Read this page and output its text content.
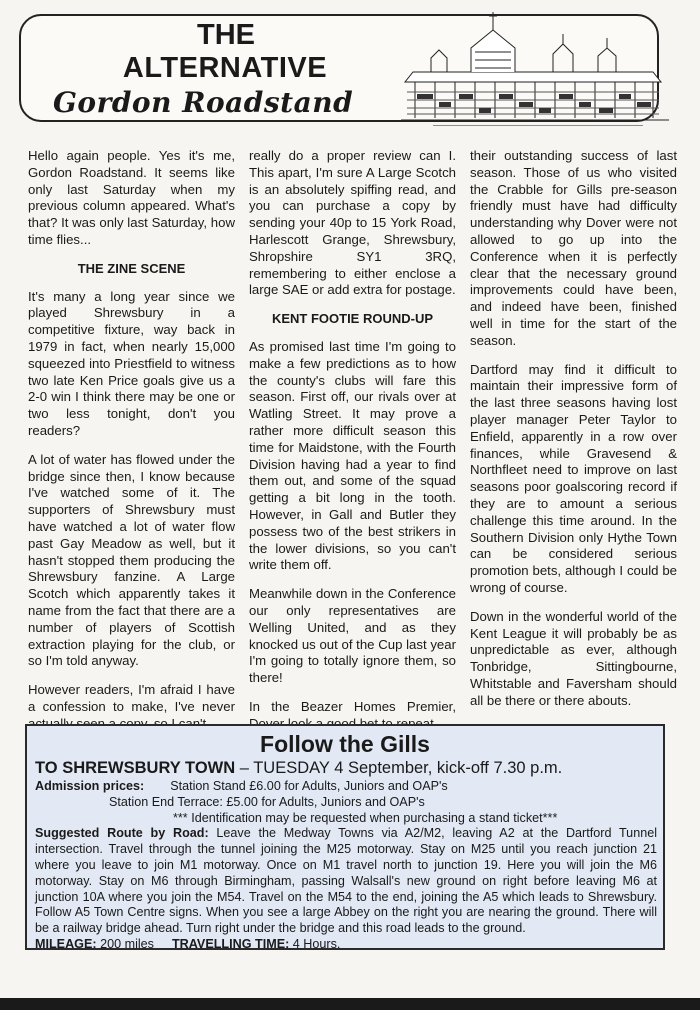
THE
ALTERNATIVE
Gordon Roadstand

Hello again people. Yes it's me, Gordon Roadstand. It seems like only last Saturday when my previous column appeared. What's that? It was only last Saturday, how time flies...

THE ZINE SCENE

It's many a long year since we played Shrewsbury in a competitive fixture, way back in 1979 in fact, when nearly 15,000 squeezed into Priestfield to witness two late Ken Price goals give us a 2-0 win I think there may be one or two less tonight, don't you readers?

A lot of water has flowed under the bridge since then, I know because I've watched some of it. The supporters of Shrewsbury must have watched a lot of water flow past Gay Meadow as well, but it hasn't stopped them producing the Shrewsbury fanzine. A Large Scotch which apparently takes it name from the fact that there are a number of players of Scottish extraction playing for the club, or so I'm told anyway.

However readers, I'm afraid I have a confession to make, I've never

really do a proper review can I. This apart, I'm sure A Large Scotch is an absolutely spiffing read, and you can purchase a copy by sending your 40p to 15 York Road, Harlescott Grange, Shrewsbury, Shropshire SY1 3RQ, remembering to either enclose a large SAE or add extra for postage.

KENT FOOTIE ROUND-UP

As promised last time I'm going to make a few predictions as to how the county's clubs will fare this season. First off, our rivals over at Watling Street. It may prove a rather more difficult season this time for Maidstone, with the Fourth Division having had a year to find them out, and some of the squad getting a bit long in the tooth. However, in Gall and Butler they possess two of the best strikers in the lower divisions, so you can't write them off.

Meanwhile down in the Conference our only representatives are Welling United, and as they knocked us out of the Cup last year I'm going to totally ignore them, so there!

In the Beazer Homes Premier,

their outstanding success of last season. Those of us who visited the Crabble for Gills pre-season friendly must have had difficulty understanding why Dover were not allowed to go up into the Conference when it is perfectly clear that the necessary ground improvements could have been, and indeed have been, finished well in time for the start of the season.

Dartford may find it difficult to maintain their impressive form of the last three seasons having lost player manager Peter Taylor to Enfield, apparently in a row over finances, while Gravesend & Northfleet need to improve on last seasons poor goalscoring record if they are to amount a serious challenge this time around. In the Southern Division only Hythe Town can be considered serious promotion bets, although I could be wrong of course.

Down in the wonderful world of the Kent League it will probably be as unpredictable as ever, although Tonbridge, Sittingbourne, Whitstable and Faversham should all be there or there abouts.

Follow the Gills
TO SHREWSBURY TOWN – TUESDAY 4 September, kick-off 7.30 p.m.
Admission prices: Station Stand £6.00 for Adults, Juniors and OAP's
Station End Terrace: £5.00 for Adults, Juniors and OAP's
*** Identification may be requested when purchasing a stand ticket***
Suggested Route by Road: Leave the Medway Towns via A2/M2, leaving A2 at the Dartford Tunnel intersection. Travel through the tunnel joining the M25 motorway. Stay on M25 until you reach junction 21 where you leave to join M1 motorway. Once on M1 travel north to junction 19. Here you will join the M6 motorway. Stay on M6 through Birmingham, passing Walsall's new ground on right before leaving M6 at junction 10A where you join the M54. Travel on the M54 to the end, joining the A5 which leads to Shrewsbury. Follow A5 Town Centre signs. When you see a large Abbey on the right you are nearing the ground. There will be a railway bridge ahead. Turn right under the bridge and this road leads to the ground.
MILEAGE: 200 miles TRAVELLING TIME: 4 Hours.
